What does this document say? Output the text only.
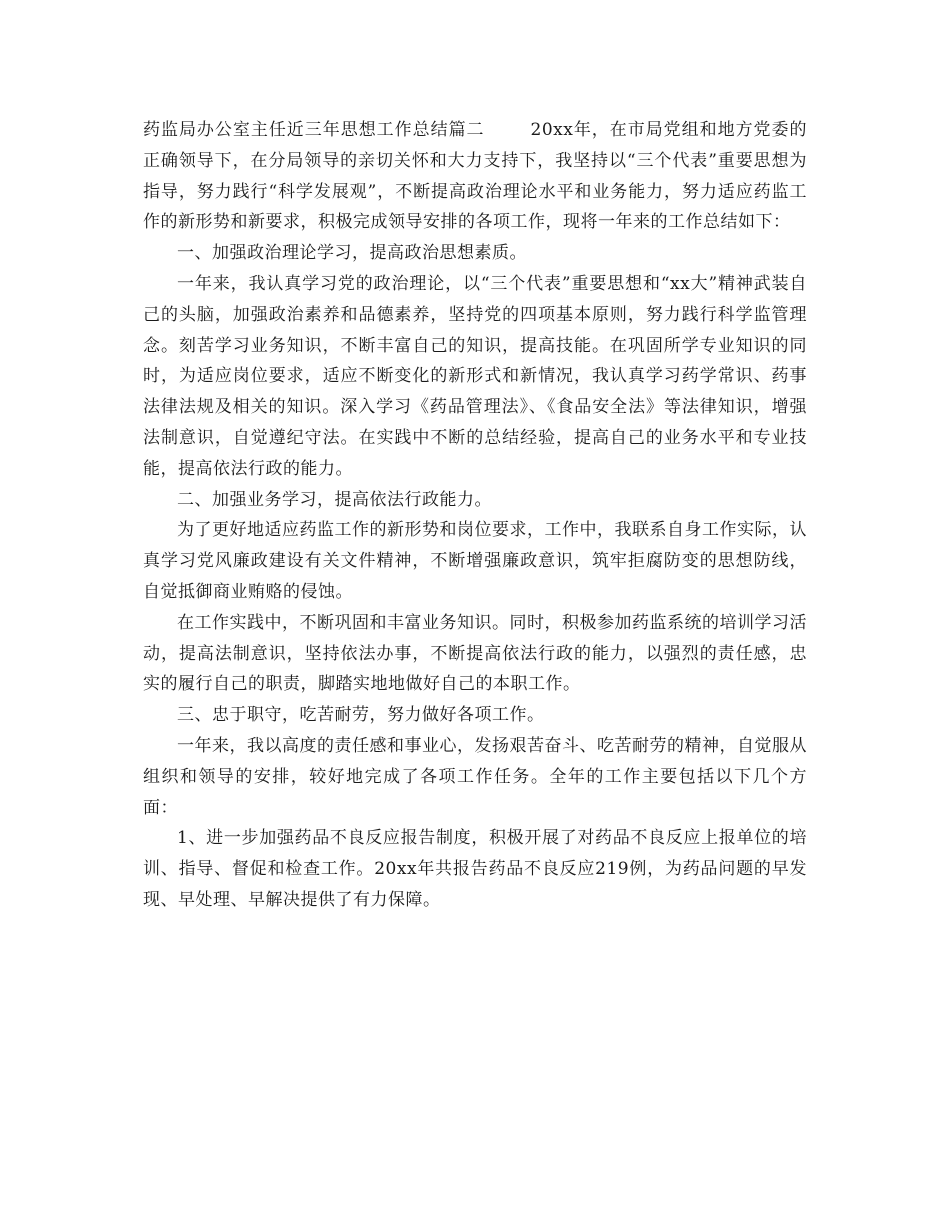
药监局办公室主任近三年思想工作总结篇二	20xx年，在市局党组和地方党委的正确领导下，在分局领导的亲切关怀和大力支持下，我坚持以“三个代表”重要思想为指导，努力践行“科学发展观”，不断提高政治理论水平和业务能力，努力适应药监工作的新形势和新要求，积极完成领导安排的各项工作，现将一年来的工作总结如下：

一、加强政治理论学习，提高政治思想素质。

一年来，我认真学习党的政治理论，以“三个代表”重要思想和“xx大”精神武装自己的头脑，加强政治素养和品德素养，坚持党的四项基本原则，努力践行科学监管理念。刻苦学习业务知识，不断丰富自己的知识，提高技能。在巩固所学专业知识的同时，为适应岗位要求，适应不断变化的新形式和新情况，我认真学习药学常识、药事法律法规及相关的知识。深入学习《药品管理法》、《食品安全法》等法律知识，增强法制意识，自觉遵纪守法。在实践中不断的总结经验，提高自己的业务水平和专业技能，提高依法行政的能力。

二、加强业务学习，提高依法行政能力。

为了更好地适应药监工作的新形势和岗位要求，工作中，我联系自身工作实际，认真学习党风廉政建设有关文件精神，不断增强廉政意识，筑牢拒腐防变的思想防线，自觉抵御商业贿赂的侵蚀。

在工作实践中，不断巩固和丰富业务知识。同时，积极参加药监系统的培训学习活动，提高法制意识，坚持依法办事，不断提高依法行政的能力，以强烈的责任感，忠实的履行自己的职责，脚踏实地地做好自己的本职工作。

三、忠于职守，吃苦耐劳，努力做好各项工作。

一年来，我以高度的责任感和事业心，发扬艰苦奋斗、吃苦耐劳的精神，自觉服从组织和领导的安排，较好地完成了各项工作任务。全年的工作主要包括以下几个方面：

1、进一步加强药品不良反应报告制度，积极开展了对药品不良反应上报单位的培训、指导、督促和检查工作。20xx年共报告药品不良反应219例，为药品问题的早发现、早处理、早解决提供了有力保障。
